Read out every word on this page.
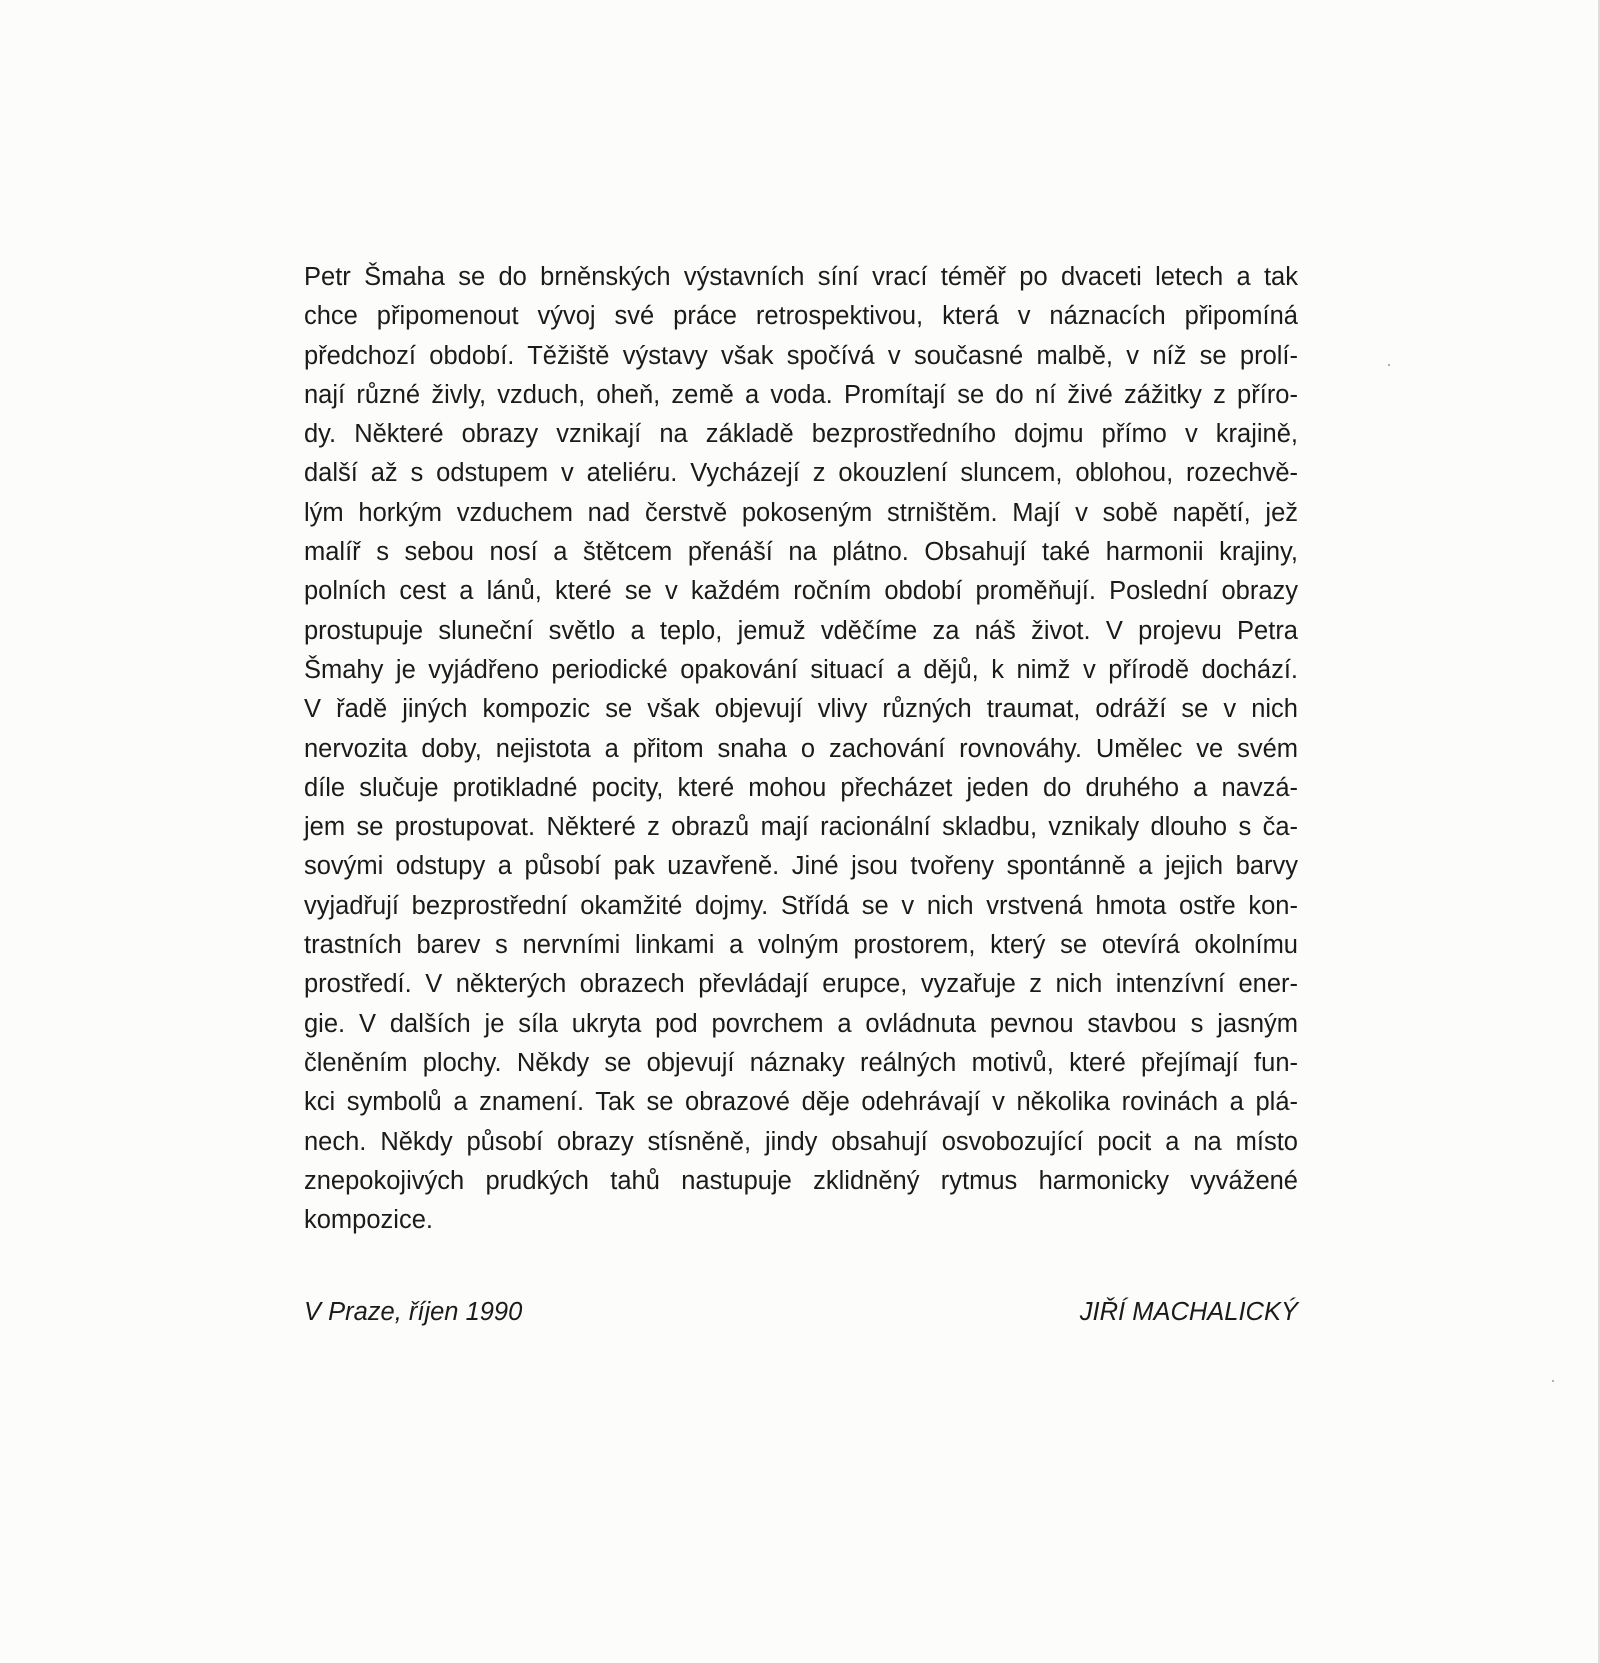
Petr Šmaha se do brněnských výstavních síní vrací téměř po dvaceti letech a tak
chce připomenout vývoj své práce retrospektivou, která v náznacích připomíná
předchozí období. Těžiště výstavy však spočívá v současné malbě, v níž se prolí-
nají různé živly, vzduch, oheň, země a voda. Promítají se do ní živé zážitky z příro-
dy. Některé obrazy vznikají na základě bezprostředního dojmu přímo v krajině,
další až s odstupem v ateliéru. Vycházejí z okouzlení sluncem, oblohou, rozechvě-
lým horkým vzduchem nad čerstvě pokoseným strništěm. Mají v sobě napětí, jež
malíř s sebou nosí a štětcem přenáší na plátno. Obsahují také harmonii krajiny,
polních cest a lánů, které se v každém ročním období proměňují. Poslední obrazy
prostupuje sluneční světlo a teplo, jemuž vděčíme za náš život. V projevu Petra
Šmahy je vyjádřeno periodické opakování situací a dějů, k nimž v přírodě dochází.
V řadě jiných kompozic se však objevují vlivy různých traumat, odráží se v nich
nervozita doby, nejistota a přitom snaha o zachování rovnováhy. Umělec ve svém
díle slučuje protikladné pocity, které mohou přecházet jeden do druhého a navzá-
jem se prostupovat. Některé z obrazů mají racionální skladbu, vznikaly dlouho s ča-
sovými odstupy a působí pak uzavřeně. Jiné jsou tvořeny spontánně a jejich barvy
vyjadřují bezprostřední okamžité dojmy. Střídá se v nich vrstvená hmota ostře kon-
trastních barev s nervními linkami a volným prostorem, který se otevírá okolnímu
prostředí. V některých obrazech převládají erupce, vyzařuje z nich intenzívní ener-
gie. V dalších je síla ukryta pod povrchem a ovládnuta pevnou stavbou s jasným
členěním plochy. Někdy se objevují náznaky reálných motivů, které přejímají fun-
kci symbolů a znamení. Tak se obrazové děje odehrávají v několika rovinách a plá-
nech. Někdy působí obrazy stísněně, jindy obsahují osvobozující pocit a na místo
znepokojivých prudkých tahů nastupuje zklidněný rytmus harmonicky vyvážené
kompozice.
V Praze, říjen 1990	JIŘÍ MACHALICKÝ
